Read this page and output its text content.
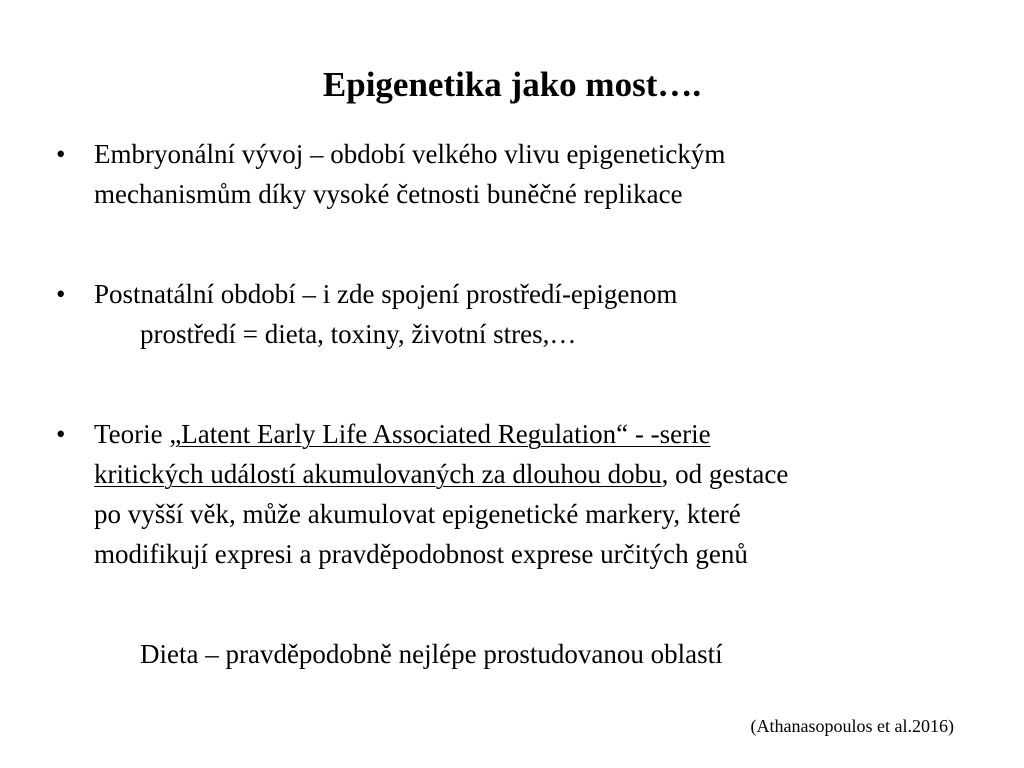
Epigenetika jako most….
• Embryonální vývoj – období velkého vlivu epigenetickým
mechanismům díky vysoké četnosti buněčné replikace
• Postnatální období – i zde spojení prostředí-epigenom
prostředí = dieta, toxiny, životní stres,…
• Teorie „Latent Early Life Associated Regulation“ - -serie
kritických událostí akumulovaných za dlouhou dobu, od gestace
po vyšší věk, může akumulovat epigenetické markery, které
modifikují expresi a pravděpodobnost exprese určitých genů
Dieta – pravděpodobně nejlépe prostudovanou oblastí
(Athanasopoulos et al.2016)
